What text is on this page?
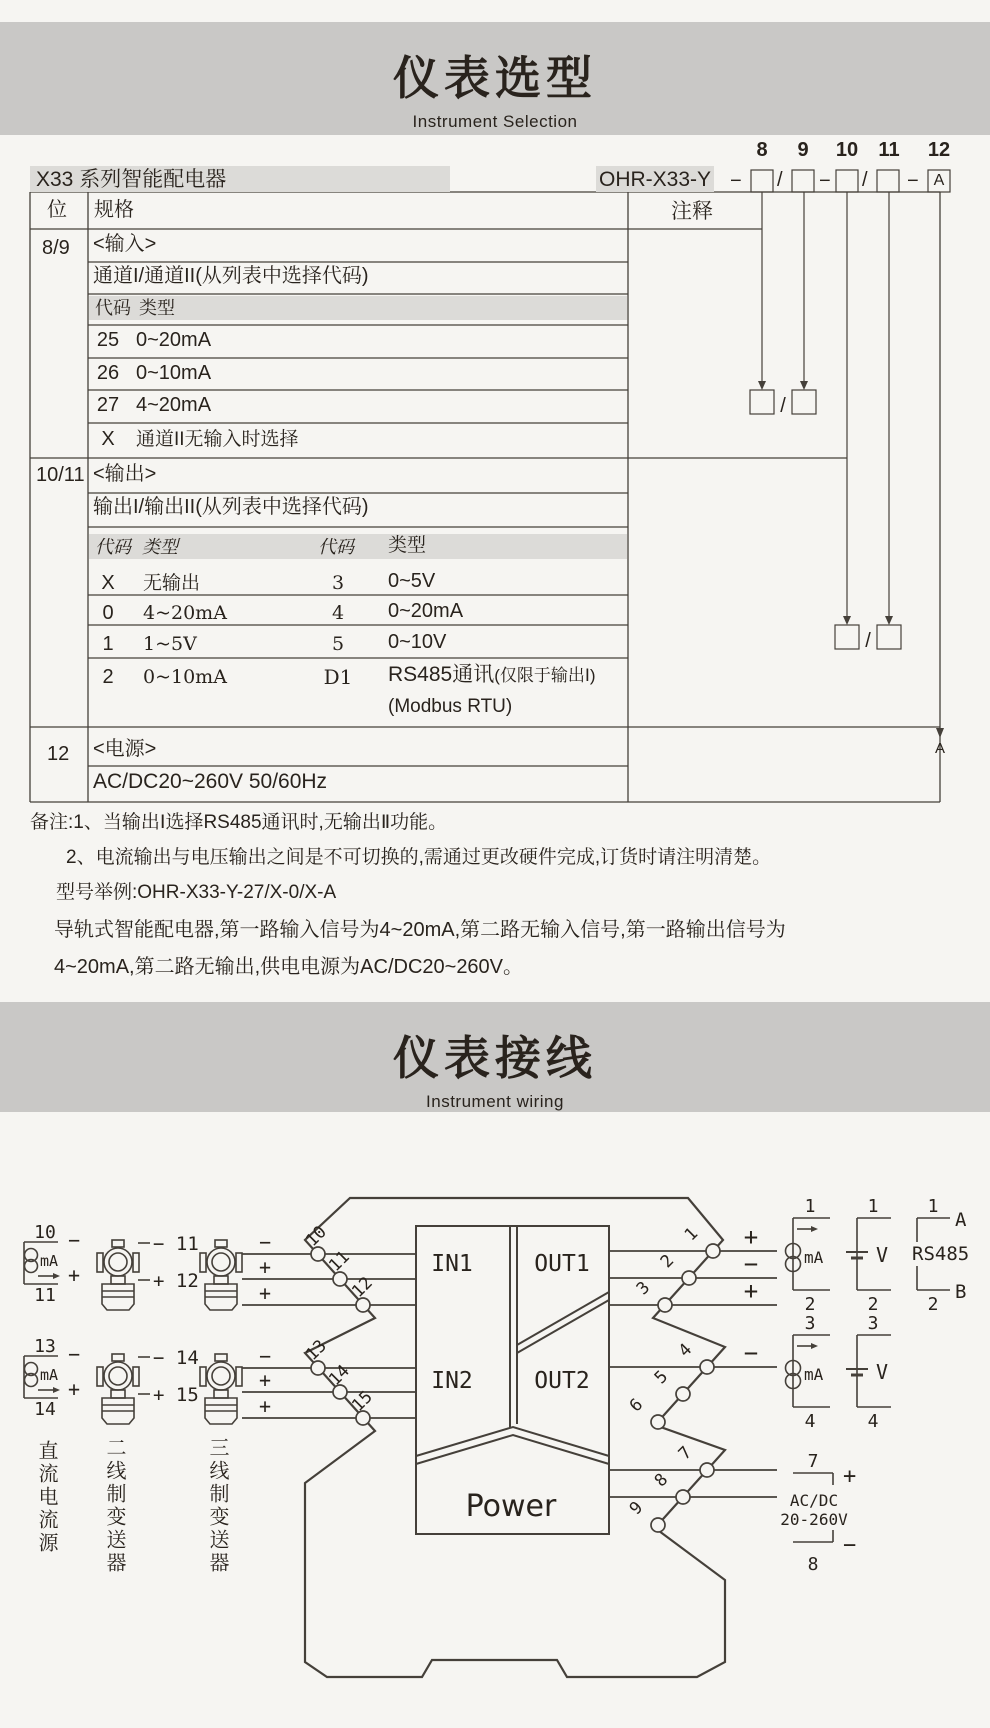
仪表选型
Instrument Selection
IN1	OUT1
IN2	OUT2
Power
10
11
12
13
14
15
1
2
3
4
5
6
7
8
9
+
−
+
−
10 −
mA
+
11
13 −
mA
+
14
− 11
+ 12
−
+
+
− 14
+ 15
−
+
+
1
mA
2
1
V
2
1
A
RS485
B
2
3
mA
4
3
V
4
7
+
AC/DC
20-260V
−
8
X33 系列智能配电器	OHR-X33-Y
8	9	10 11 12
− / − / − A
/
/
A
位 规格	注释
8/9 <输入>
通道I/通道II(从列表中选择代码)
代码 类型
25 0~20mA
26 0~10mA
27 4~20mA
X	通道II无输入时选择
10/11 <输出>
输出I/输出II(从列表中选择代码)
代码 类型	代码 类型
X	无输出	3	0~5V
0	4~20mA	4	0~20mA
1	1~5V	5	0~10V
2	0~10mA	D1	RS485通讯(仅限于输出Ⅰ)
(Modbus RTU)
12 <电源>
AC/DC20~260V 50/60Hz
备注:1、当输出Ⅰ选择RS485通讯时,无输出Ⅱ功能。
2、电流输出与电压输出之间是不可切换的,需通过更改硬件完成,订货时请注明清楚。
型号举例:OHR-X33-Y-27/X-0/X-A
导轨式智能配电器,第一路输入信号为4~20mA,第二路无输入信号,第一路输出信号为
4~20mA,第二路无输出,供电电源为AC/DC20~260V。
仪表接线
Instrument wiring
直流电流源 二线制变送器	三线制变送器
